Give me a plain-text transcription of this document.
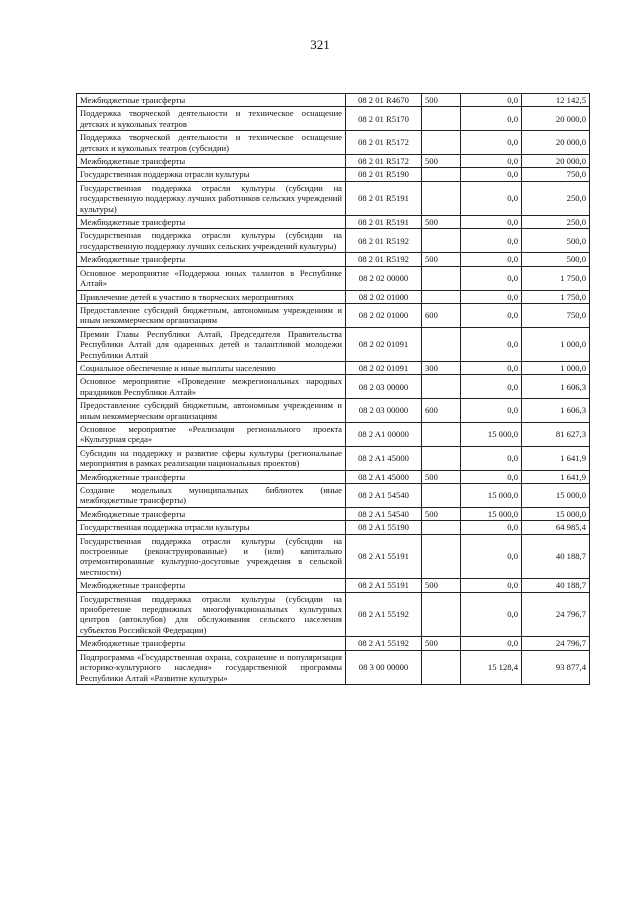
321
Межбюджетные трансферты	08 2 01 R4670	500	0,0	12 142,5
Поддержка творческой деятельности и техническое оснащение детских и кукольных театров	08 2 01 R5170		0,0	20 000,0
Поддержка творческой деятельности и техническое оснащение детских и кукольных театров (субсидии)	08 2 01 R5172		0,0	20 000,0
Межбюджетные трансферты	08 2 01 R5172	500	0,0	20 000,0
Государственная поддержка отрасли культуры	08 2 01 R5190		0,0	750,0
Государственная поддержка отрасли культуры (субсидии на государственную поддержку лучших работников сельских учреждений культуры)	08 2 01 R5191		0,0	250,0
Межбюджетные трансферты	08 2 01 R5191	500	0,0	250,0
Государственная поддержка отрасли культуры (субсидии на государственную поддержку лучших сельских учреждений культуры)	08 2 01 R5192		0,0	500,0
Межбюджетные трансферты	08 2 01 R5192	500	0,0	500,0
Основное мероприятие «Поддержка юных талантов в Республике Алтай»	08 2 02 00000		0,0	1 750,0
Привлечение детей к участию в творческих мероприятиях	08 2 02 01000		0,0	1 750,0
Предоставление субсидий бюджетным, автономным учреждениям и иным некоммерческим организациям	08 2 02 01000	600	0,0	750,0
Премии Главы Республики Алтай, Председателя Правительства Республики Алтай для одаренных детей и талантливой молодежи Республики Алтай	08 2 02 01091		0,0	1 000,0
Социальное обеспечение и иные выплаты населению	08 2 02 01091	300	0,0	1 000,0
Основное мероприятие «Проведение межрегиональных народных праздников Республики Алтай»	08 2 03 00000		0,0	1 606,3
Предоставление субсидий бюджетным, автономным учреждениям и иным некоммерческим организациям	08 2 03 00000	600	0,0	1 606,3
Основное мероприятие «Реализация регионального проекта «Культурная среда»	08 2 A1 00000		15 000,0	81 627,3
Субсидии на поддержку и развитие сферы культуры (региональные мероприятия в рамках реализации национальных проектов)	08 2 A1 45000		0,0	1 641,9
Межбюджетные трансферты	08 2 A1 45000	500	0,0	1 641,9
Создание модельных муниципальных библиотек (иные межбюджетные трансферты)	08 2 A1 54540		15 000,0	15 000,0
Межбюджетные трансферты	08 2 A1 54540	500	15 000,0	15 000,0
Государственная поддержка отрасли культуры	08 2 A1 55190		0,0	64 985,4
Государственная поддержка отрасли культуры (субсидии на построенные (реконструированные) и (или) капитально отремонтированные культурно-досуговые учреждения в сельской местности)	08 2 A1 55191		0,0	40 188,7
Межбюджетные трансферты	08 2 A1 55191	500	0,0	40 188,7
Государственная поддержка отрасли культуры (субсидии на приобретение передвижных многофункциональных культурных центров (автоклубов) для обслуживания сельского населения субъектов Российской Федерации)	08 2 A1 55192		0,0	24 796,7
Межбюджетные трансферты	08 2 A1 55192	500	0,0	24 796,7
Подпрограмма «Государственная охрана, сохранение и популяризация историко-культурного наследия» государственной программы Республики Алтай «Развитие культуры»	08 3 00 00000		15 128,4	93 877,4
